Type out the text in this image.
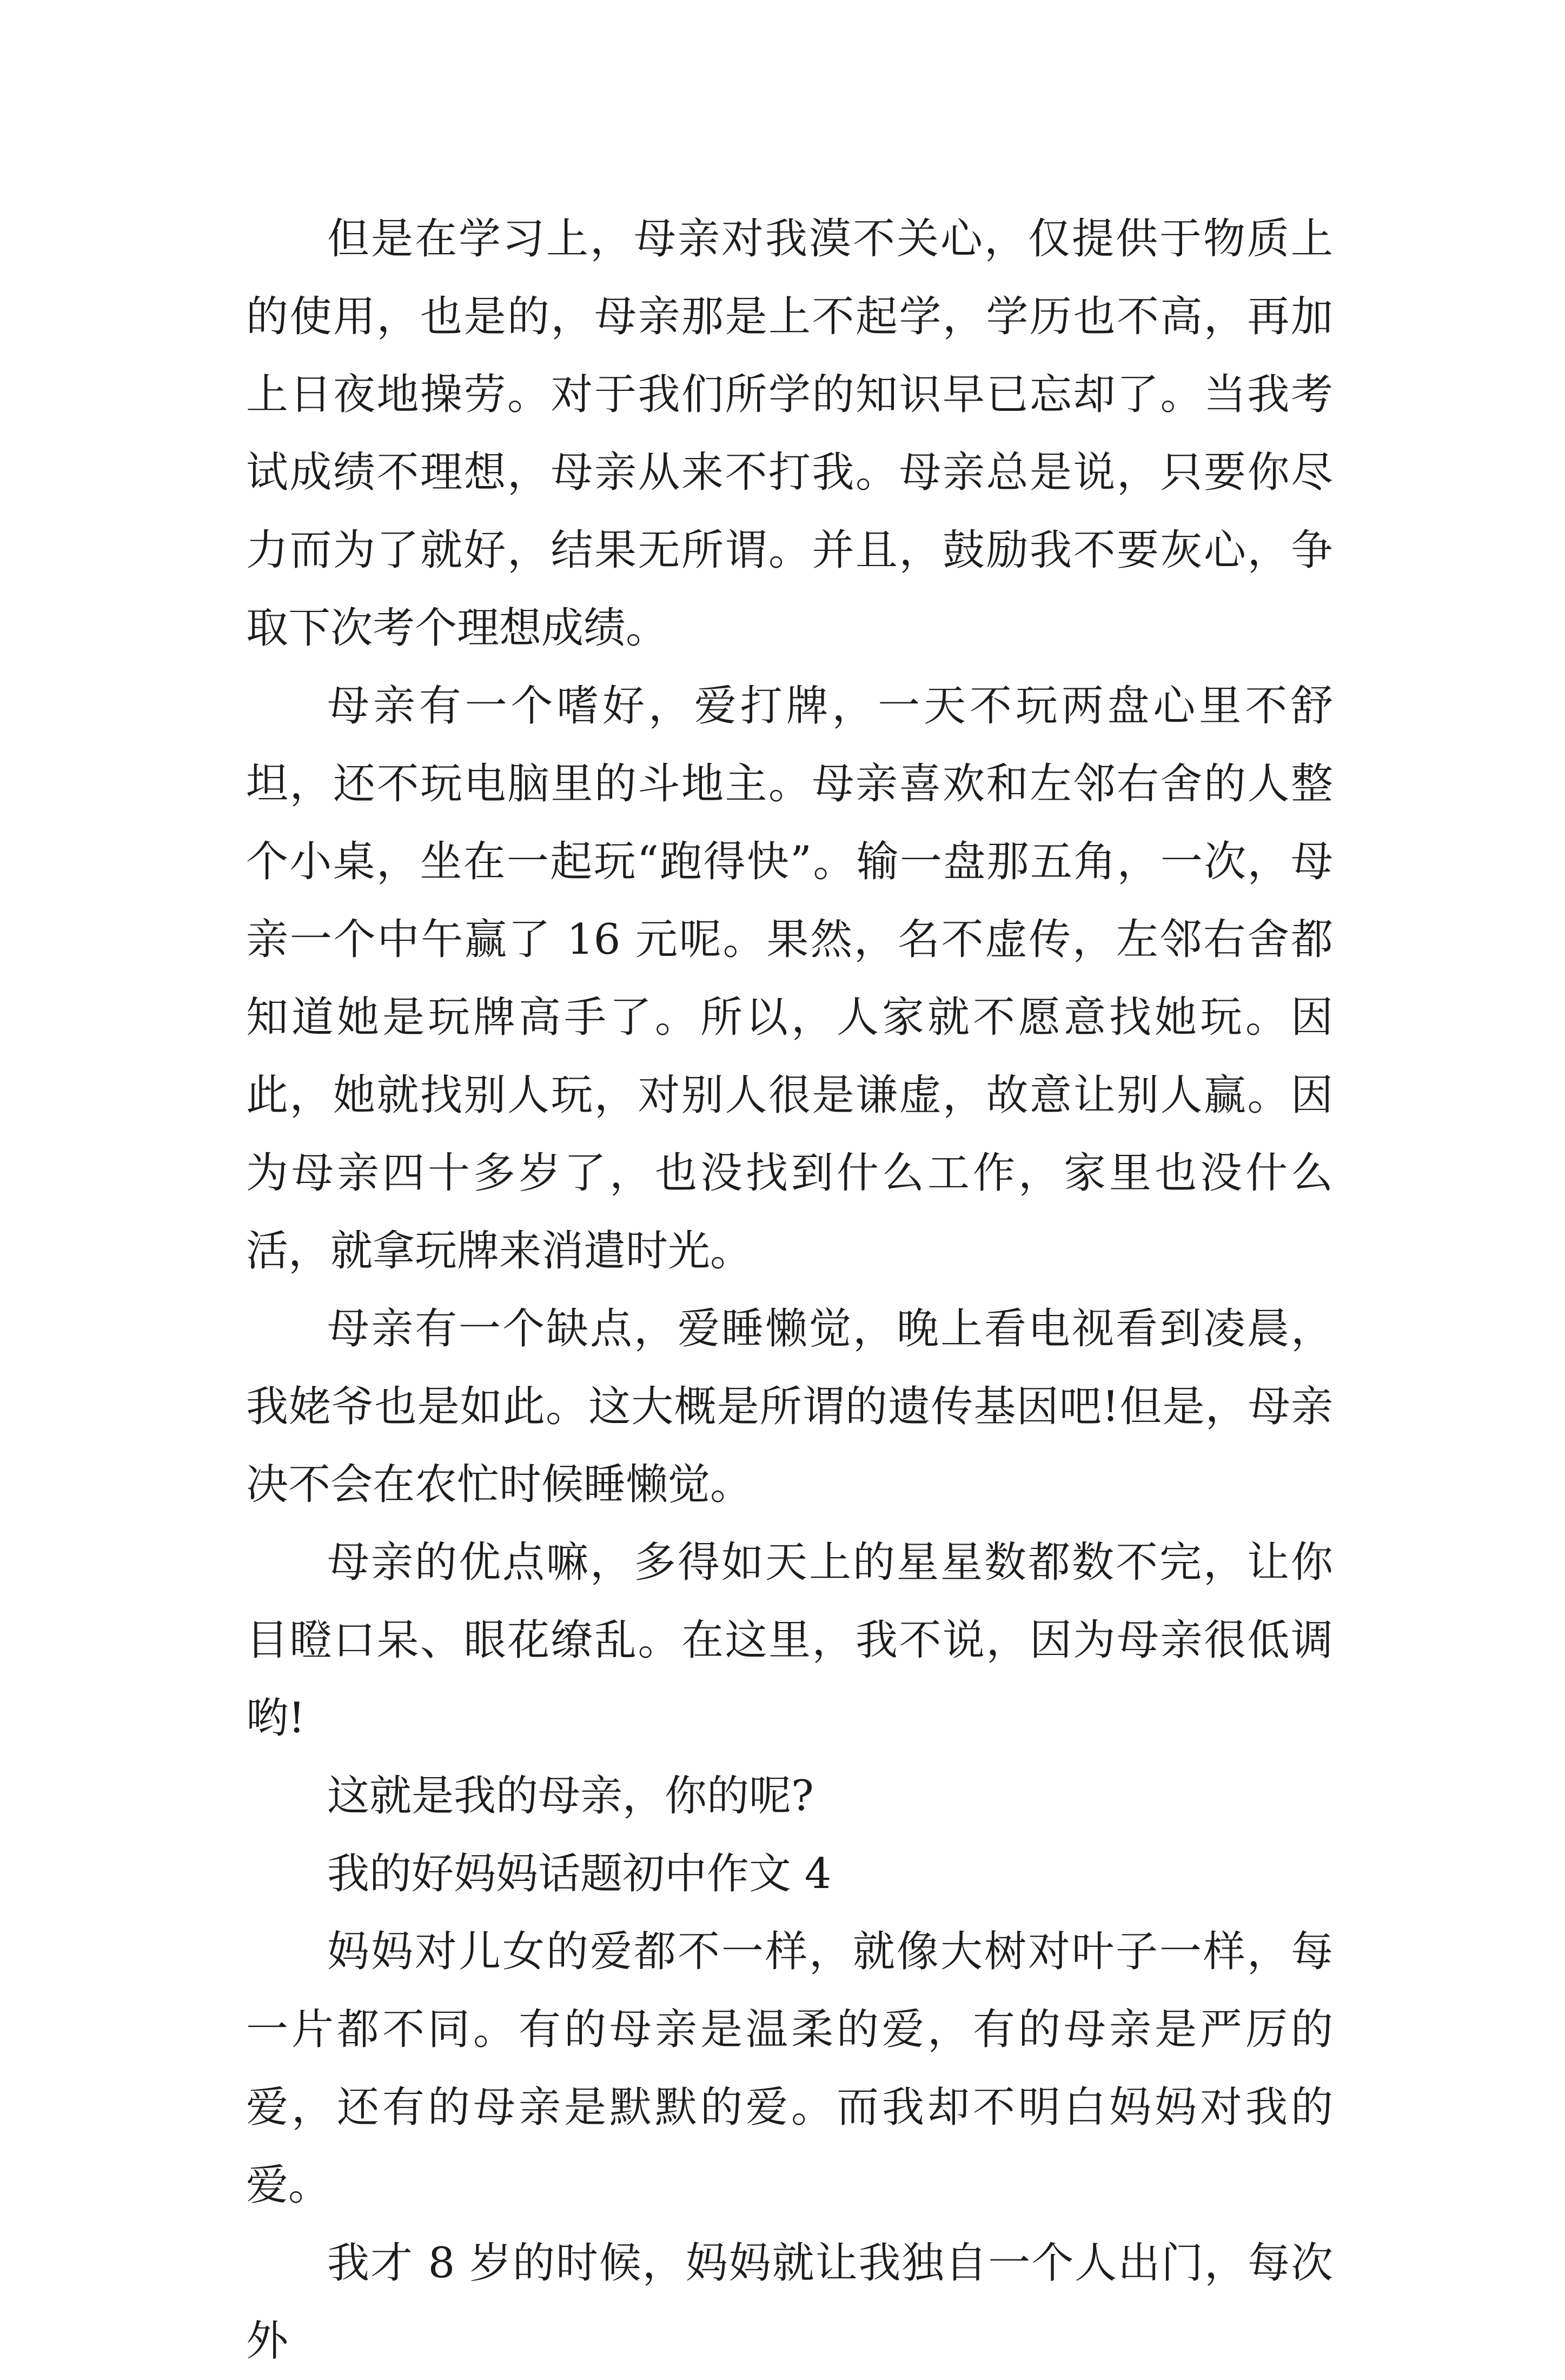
但是在学习上，母亲对我漠不关心，仅提供于物质上的使用，也是的，母亲那是上不起学，学历也不高，再加上日夜地操劳。对于我们所学的知识早已忘却了。当我考试成绩不理想，母亲从来不打我。母亲总是说，只要你尽力而为了就好，结果无所谓。并且，鼓励我不要灰心，争取下次考个理想成绩。

母亲有一个嗜好，爱打牌，一天不玩两盘心里不舒坦，还不玩电脑里的斗地主。母亲喜欢和左邻右舍的人整个小桌，坐在一起玩“跑得快”。输一盘那五角，一次，母亲一个中午赢了 16 元呢。果然，名不虚传，左邻右舍都知道她是玩牌高手了。所以，人家就不愿意找她玩。因此，她就找别人玩，对别人很是谦虚，故意让别人赢。因为母亲四十多岁了，也没找到什么工作，家里也没什么活，就拿玩牌来消遣时光。

母亲有一个缺点，爱睡懒觉，晚上看电视看到凌晨，我姥爷也是如此。这大概是所谓的遗传基因吧!但是，母亲决不会在农忙时候睡懒觉。

母亲的优点嘛，多得如天上的星星数都数不完，让你目瞪口呆、眼花缭乱。在这里，我不说，因为母亲很低调哟!

这就是我的母亲，你的呢?

我的好妈妈话题初中作文 4

妈妈对儿女的爱都不一样，就像大树对叶子一样，每一片都不同。有的母亲是温柔的爱，有的母亲是严厉的爱，还有的母亲是默默的爱。而我却不明白妈妈对我的爱。

我才 8 岁的时候，妈妈就让我独自一个人出门，每次外
